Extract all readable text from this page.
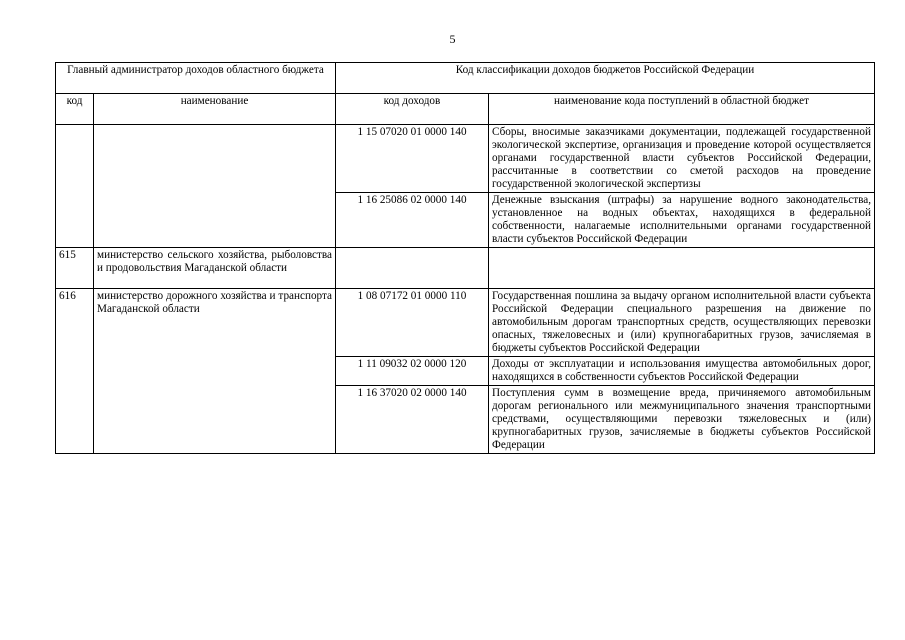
5
Главный администратор доходов областного бюджета		Код классификации доходов бюджетов Российской Федерации	
код	наименование	код доходов	наименование кода поступлений в областной бюджет
		1 15 07020 01 0000 140	Сборы, вносимые заказчиками документации, подлежащей государственной экологической экспертизе, организация и проведение которой осуществляется органами государственной власти субъектов Российской Федерации, рассчитанные в соответствии со сметой расходов на проведение государственной экологической экспертизы
		1 16 25086 02 0000 140	Денежные взыскания (штрафы) за нарушение водного законодательства, установленное на водных объектах, находящихся в федеральной собственности, налагаемые исполнительными органами государственной власти субъектов Российской Федерации
615	министерство сельского хозяйства, рыболовства и продовольствия Магаданской области		
616	министерство дорожного хозяйства и транспорта Магаданской области	1 08 07172 01 0000 110	Государственная пошлина за выдачу органом исполнительной власти субъекта Российской Федерации специального разрешения на движение по автомобильным дорогам транспортных средств, осуществляющих перевозки опасных, тяжеловесных и (или) крупногабаритных грузов, зачисляемая в бюджеты субъектов Российской Федерации
		1 11 09032 02 0000 120	Доходы от эксплуатации и использования имущества автомобильных дорог, находящихся в собственности субъектов Российской Федерации
		1 16 37020 02 0000 140	Поступления сумм в возмещение вреда, причиняемого автомобильным дорогам регионального или межмуниципального значения транспортными средствами, осуществляющими перевозки тяжеловесных и (или) крупногабаритных грузов, зачисляемые в бюджеты субъектов Российской Федерации
